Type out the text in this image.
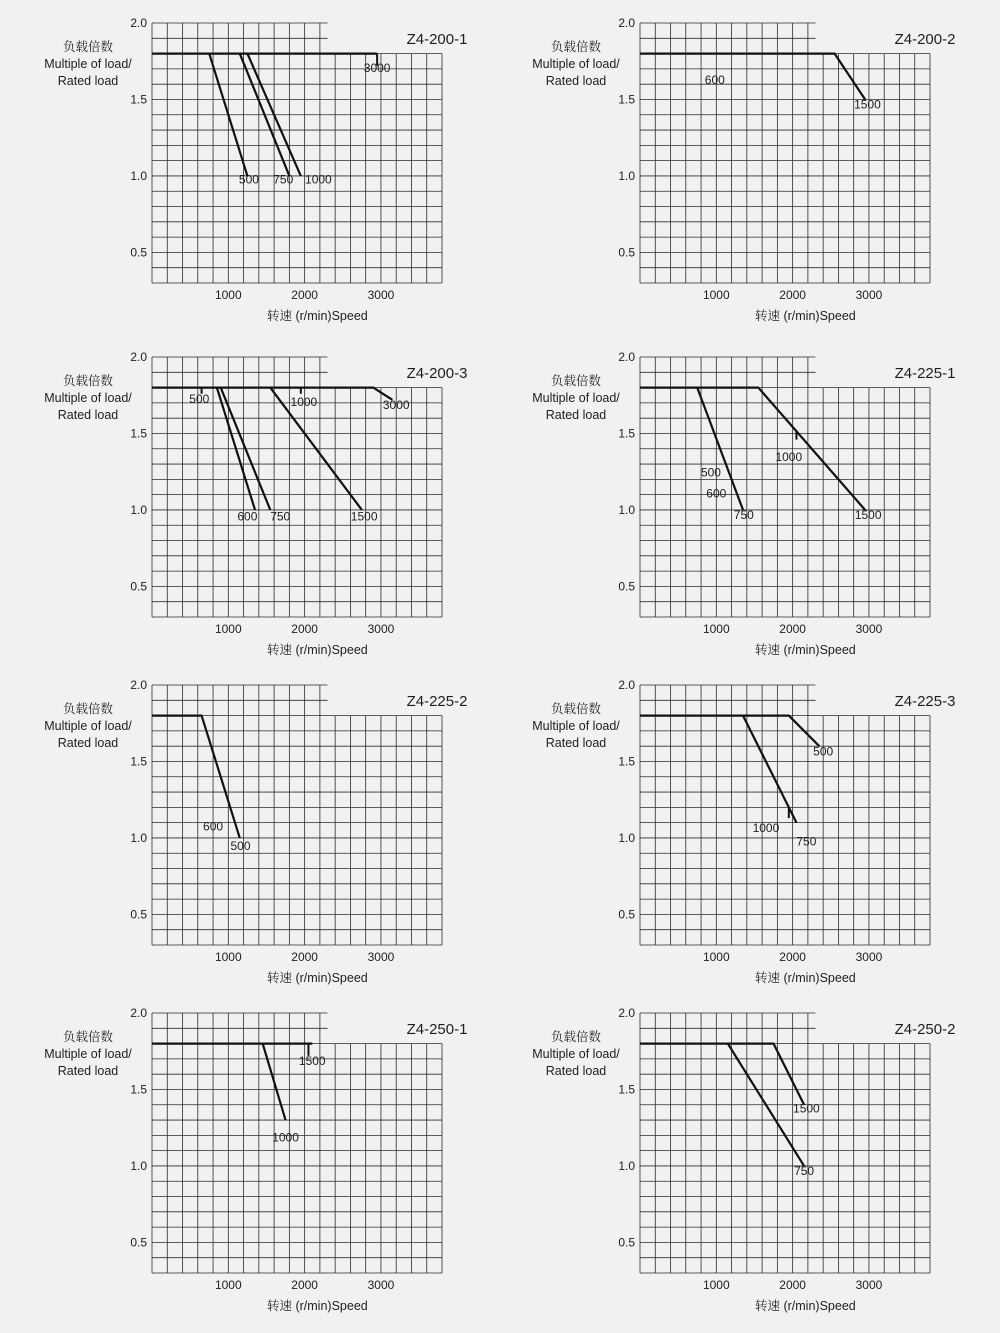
2.0
1.5
1.0
0.5
1000	2000	3000
转速 (r/min)Speed
负载倍数
Multiple of load/
Rated load
Z4-200-1
3000
500 750 1000
2.0
1.5
1.0
0.5
1000	2000	3000
转速 (r/min)Speed
负载倍数
Multiple of load/
Rated load
Z4-200-2
600
1500
2.0
1.5
1.0
0.5
1000	2000	3000
转速 (r/min)Speed
负载倍数
Multiple of load/
Rated load
Z4-200-3
500	1000	3000
600 750	1500
2.0
1.5
1.0
0.5
1000	2000	3000
转速 (r/min)Speed
负载倍数
Multiple of load/
Rated load
Z4-225-1
1000
500
600
750	1500
2.0
1.5
1.0
0.5
1000	2000	3000
转速 (r/min)Speed
负载倍数
Multiple of load/
Rated load
Z4-225-2
600
500
2.0
1.5
1.0
0.5
1000	2000	3000
转速 (r/min)Speed
负载倍数
Multiple of load/
Rated load
Z4-225-3
500
1000
750
2.0
1.5
1.0
0.5
1000	2000	3000
转速 (r/min)Speed
负载倍数
Multiple of load/
Rated load
Z4-250-1
1500
1000
2.0
1.5
1.0
0.5
1000	2000	3000
转速 (r/min)Speed
负载倍数
Multiple of load/
Rated load
Z4-250-2
1500
750
